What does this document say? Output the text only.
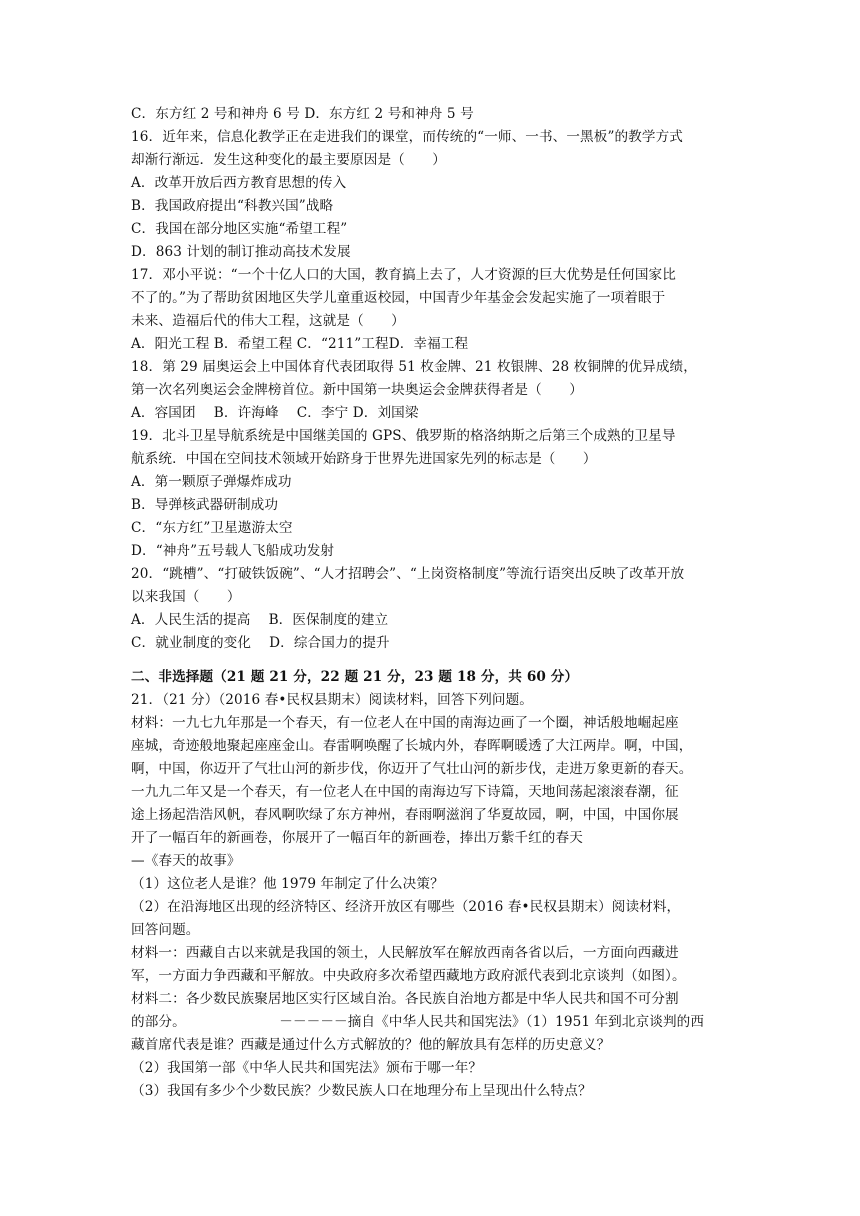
C．东方红 2 号和神舟 6 号 D．东方红 2 号和神舟 5 号
16．近年来，信息化教学正在走进我们的课堂，而传统的“一师、一书、一黑板”的教学方式
却渐行渐远．发生这种变化的最主要原因是（　　）
A．改革开放后西方教育思想的传入
B．我国政府提出“科教兴国”战略
C．我国在部分地区实施“希望工程”
D．863 计划的制订推动高技术发展
17．邓小平说：“一个十亿人口的大国，教育搞上去了，人才资源的巨大优势是任何国家比
不了的。”为了帮助贫困地区失学儿童重返校园，中国青少年基金会发起实施了一项着眼于
未来、造福后代的伟大工程，这就是（　　）
A．阳光工程 B．希望工程 C．“211”工程D．幸福工程
18．第 29 届奥运会上中国体育代表团取得 51 枚金牌、21 枚银牌、28 枚铜牌的优异成绩，
第一次名列奥运会金牌榜首位。新中国第一块奥运会金牌获得者是（　　）
A．容国团　 B．许海峰　 C．李宁 D．刘国梁
19．北斗卫星导航系统是中国继美国的 GPS、俄罗斯的格洛纳斯之后第三个成熟的卫星导
航系统．中国在空间技术领域开始跻身于世界先进国家先列的标志是（　　）
A．第一颗原子弹爆炸成功
B．导弹核武器研制成功
C．“东方红”卫星遨游太空
D．“神舟”五号载人飞船成功发射
20．“跳槽”、“打破铁饭碗”、“人才招聘会”、“上岗资格制度”等流行语突出反映了改革开放
以来我国（　　）
A．人民生活的提高　 B．医保制度的建立
C．就业制度的变化　 D．综合国力的提升
二、非选择题（21 题 21 分，22 题 21 分，23 题 18 分，共 60 分）
21．（21 分）（2016 春•民权县期末）阅读材料，回答下列问题。
材料：一九七九年那是一个春天，有一位老人在中国的南海边画了一个圈，神话般地崛起座
座城，奇迹般地聚起座座金山。春雷啊唤醒了长城内外，春晖啊暖透了大江两岸。啊，中国，
啊，中国，你迈开了气壮山河的新步伐，你迈开了气壮山河的新步伐，走进万象更新的春天。
一九九二年又是一个春天，有一位老人在中国的南海边写下诗篇，天地间荡起滚滚春潮，征
途上扬起浩浩风帆，春风啊吹绿了东方神州，春雨啊滋润了华夏故园，啊，中国，中国你展
开了一幅百年的新画卷，你展开了一幅百年的新画卷，捧出万紫千红的春天
—《春天的故事》
（1）这位老人是谁？他 1979 年制定了什么决策？
（2）在沿海地区出现的经济特区、经济开放区有哪些（2016 春•民权县期末）阅读材料，
回答问题。
材料一：西藏自古以来就是我国的领土，人民解放军在解放西南各省以后，一方面向西藏进
军，一方面力争西藏和平解放。中央政府多次希望西藏地方政府派代表到北京谈判（如图）。
材料二：各少数民族聚居地区实行区域自治。各民族自治地方都是中华人民共和国不可分割
的部分。　　　　　　　 －－－－－摘自《中华人民共和国宪法》（1）1951 年到北京谈判的西
藏首席代表是谁？西藏是通过什么方式解放的？他的解放具有怎样的历史意义？
（2）我国第一部《中华人民共和国宪法》颁布于哪一年？
（3）我国有多少个少数民族？少数民族人口在地理分布上呈现出什么特点？
